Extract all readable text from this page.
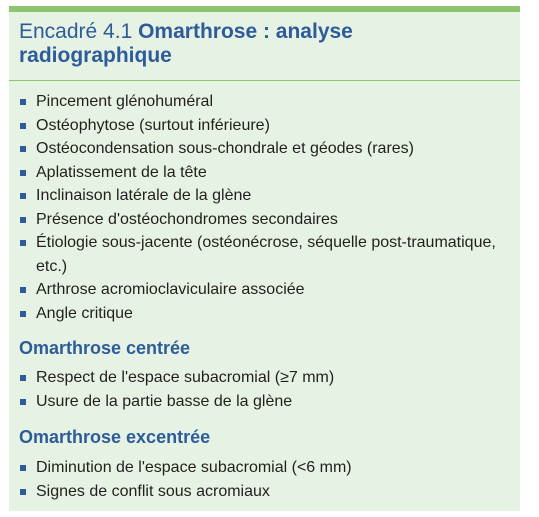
Encadré 4.1 Omarthrose : analyse radiographique
Pincement glénohuméral
Ostéophytose (surtout inférieure)
Ostéocondensation sous-chondrale et géodes (rares)
Aplatissement de la tête
Inclinaison latérale de la glène
Présence d'ostéochondromes secondaires
Étiologie sous-jacente (ostéonécrose, séquelle post-traumatique, etc.)
Arthrose acromioclaviculaire associée
Angle critique
Omarthrose centrée
Respect de l'espace subacromial (≥7 mm)
Usure de la partie basse de la glène
Omarthrose excentrée
Diminution de l'espace subacromial (<6 mm)
Signes de conflit sous acromiaux
